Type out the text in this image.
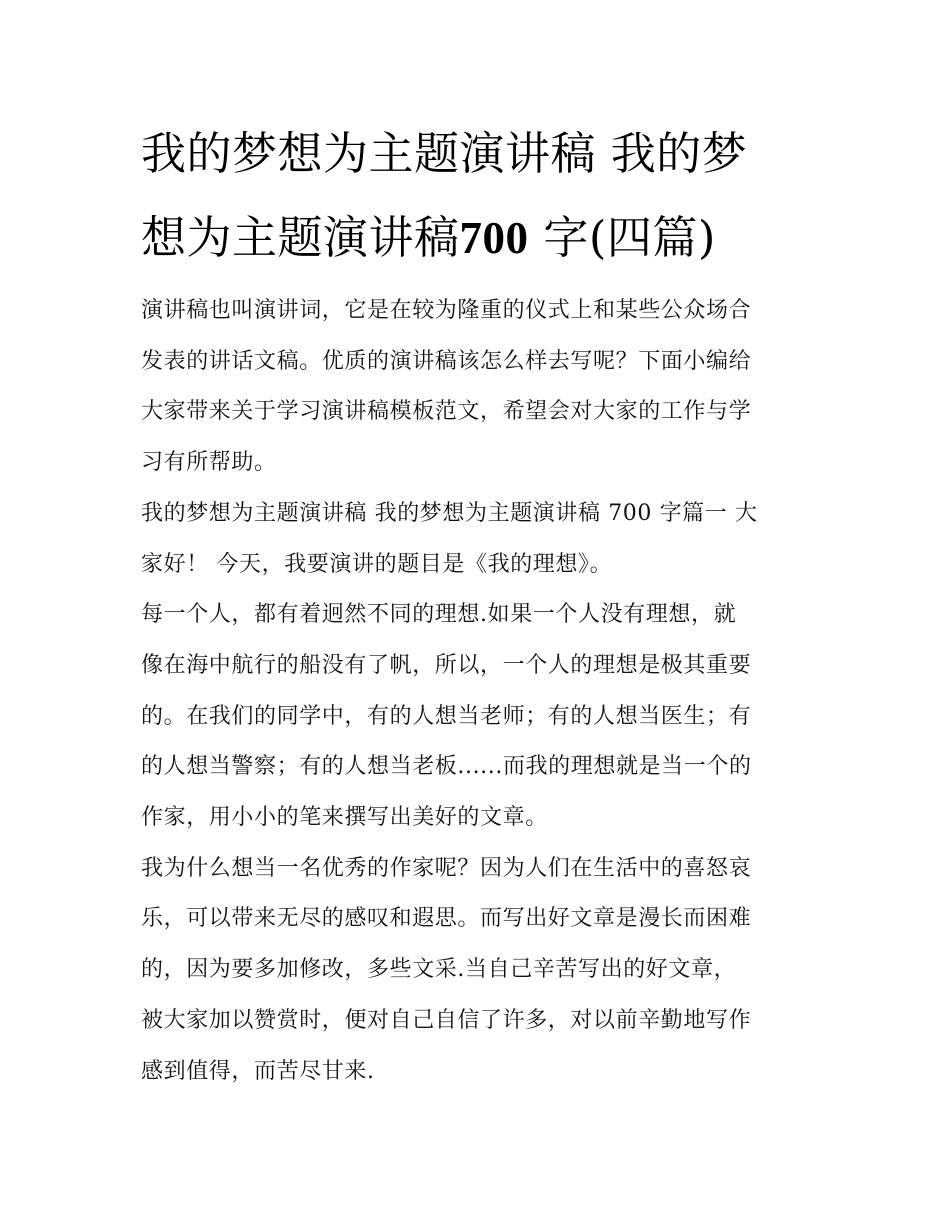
我的梦想为主题演讲稿 我的梦
想为主题演讲稿700 字(四篇)

演讲稿也叫演讲词，它是在较为隆重的仪式上和某些公众场合
发表的讲话文稿。优质的演讲稿该怎么样去写呢？下面小编给
大家带来关于学习演讲稿模板范文，希望会对大家的工作与学
习有所帮助。

我的梦想为主题演讲稿 我的梦想为主题演讲稿 700 字篇一 大
家好！ 今天，我要演讲的题目是《我的理想》。

每一个人，都有着迥然不同的理想.如果一个人没有理想，就
像在海中航行的船没有了帆，所以，一个人的理想是极其重要
的。在我们的同学中，有的人想当老师；有的人想当医生；有
的人想当警察；有的人想当老板......而我的理想就是当一个的
作家，用小小的笔来撰写出美好的文章。

我为什么想当一名优秀的作家呢？因为人们在生活中的喜怒哀
乐，可以带来无尽的感叹和遐思。而写出好文章是漫长而困难
的，因为要多加修改，多些文采.当自己辛苦写出的好文章，
被大家加以赞赏时，便对自己自信了许多，对以前辛勤地写作
感到值得，而苦尽甘来.
